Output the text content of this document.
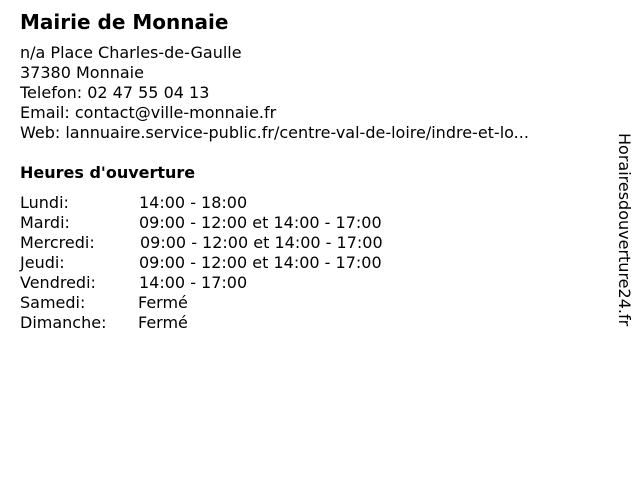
Mairie de Monnaie
n/a Place Charles-de-Gaulle
37380 Monnaie
Telefon: 02 47 55 04 13
Email: contact@ville-monnaie.fr
Web: lannuaire.service-public.fr/centre-val-de-loire/indre-et-lo...
Heures d'ouverture
Lundi:	14:00 - 18:00
Mardi:	09:00 - 12:00 et 14:00 - 17:00
Mercredi:	09:00 - 12:00 et 14:00 - 17:00
Jeudi:	09:00 - 12:00 et 14:00 - 17:00
Vendredi:	14:00 - 17:00
Samedi:	Fermé
Dimanche: Fermé	Horairesdouverture24.fr
